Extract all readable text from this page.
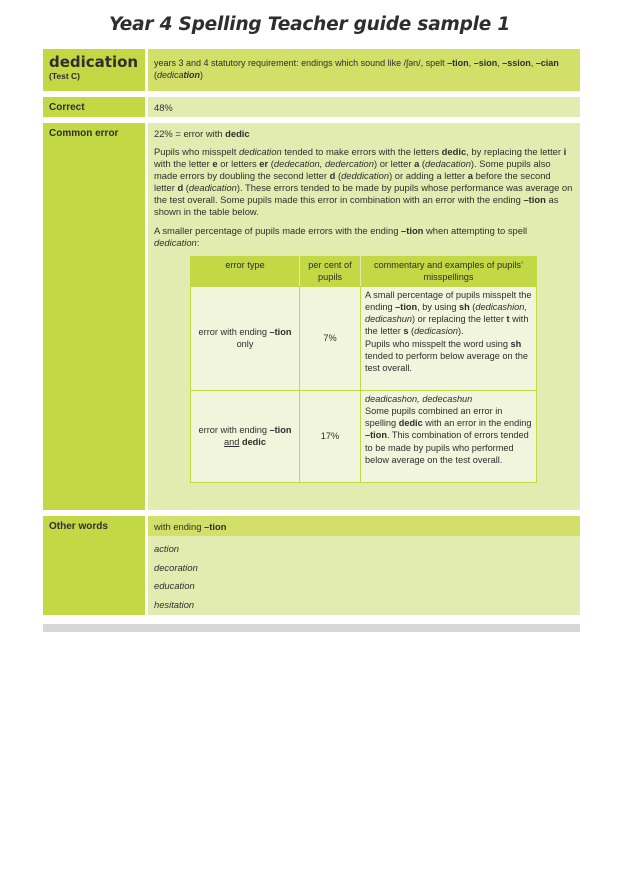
Year 4 Spelling Teacher guide sample 1
dedication
(Test C)
years 3 and 4 statutory requirement: endings which sound like /ʃən/, spelt –tion, –sion, –ssion, –cian (dedication)
Correct	48%
Common error	22% = error with dedic
Pupils who misspelt dedication tended to make errors with the letters dedic, by replacing the letter i with the letter e or letters er (dedecation, dedercation) or letter a (dedacation). Some pupils also made errors by doubling the second letter d (deddication) or adding a letter a before the second letter d (deadication). These errors tended to be made by pupils whose performance was average on the test overall. Some pupils made this error in combination with an error with the ending –tion as shown in the table below.
A smaller percentage of pupils made errors with the ending –tion when attempting to spell dedication:
error type	per cent of pupils	commentary and examples of pupils’ misspellings
error with ending –tion only	7%	A small percentage of pupils misspelt the ending –tion, by using sh (dedicashion, dedicashun) or replacing the letter t with the letter s (dedicasion).
Pupils who misspelt the word using sh tended to perform below average on the test overall.
error with ending –tion and dedic	17%	deadicashon, dedecashun
Some pupils combined an error in spelling dedic with an error in the ending –tion. This combination of errors tended to be made by pupils who performed below average on the test overall.
Other words	with ending –tion
action
decoration
education
hesitation
